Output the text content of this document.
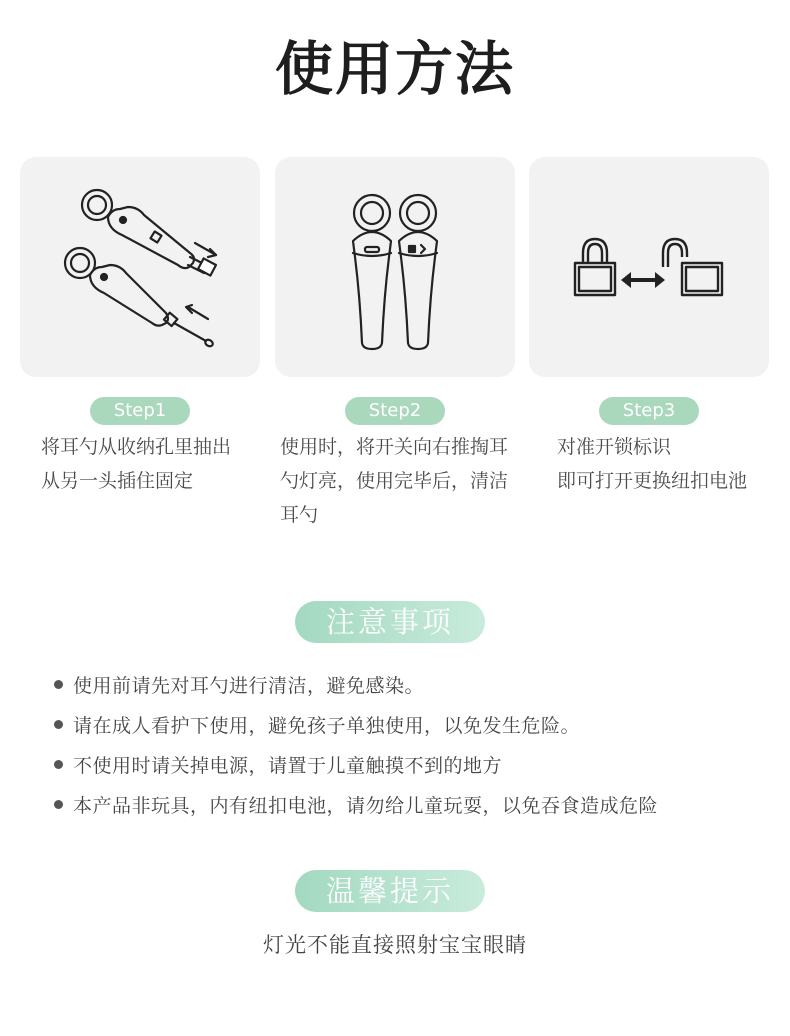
使用方法
Step1	Step2	Step3
将耳勺从收纳孔里抽出
从另一头插住固定
使用时，将开关向右推掏耳
勺灯亮，使用完毕后，清洁
耳勺
对准开锁标识
即可打开更换纽扣电池
注意事项
使用前请先对耳勺进行清洁，避免感染。
请在成人看护下使用，避免孩子单独使用，以免发生危险。
不使用时请关掉电源，请置于儿童触摸不到的地方
本产品非玩具，内有纽扣电池，请勿给儿童玩耍，以免吞食造成危险
温馨提示

灯光不能直接照射宝宝眼睛
